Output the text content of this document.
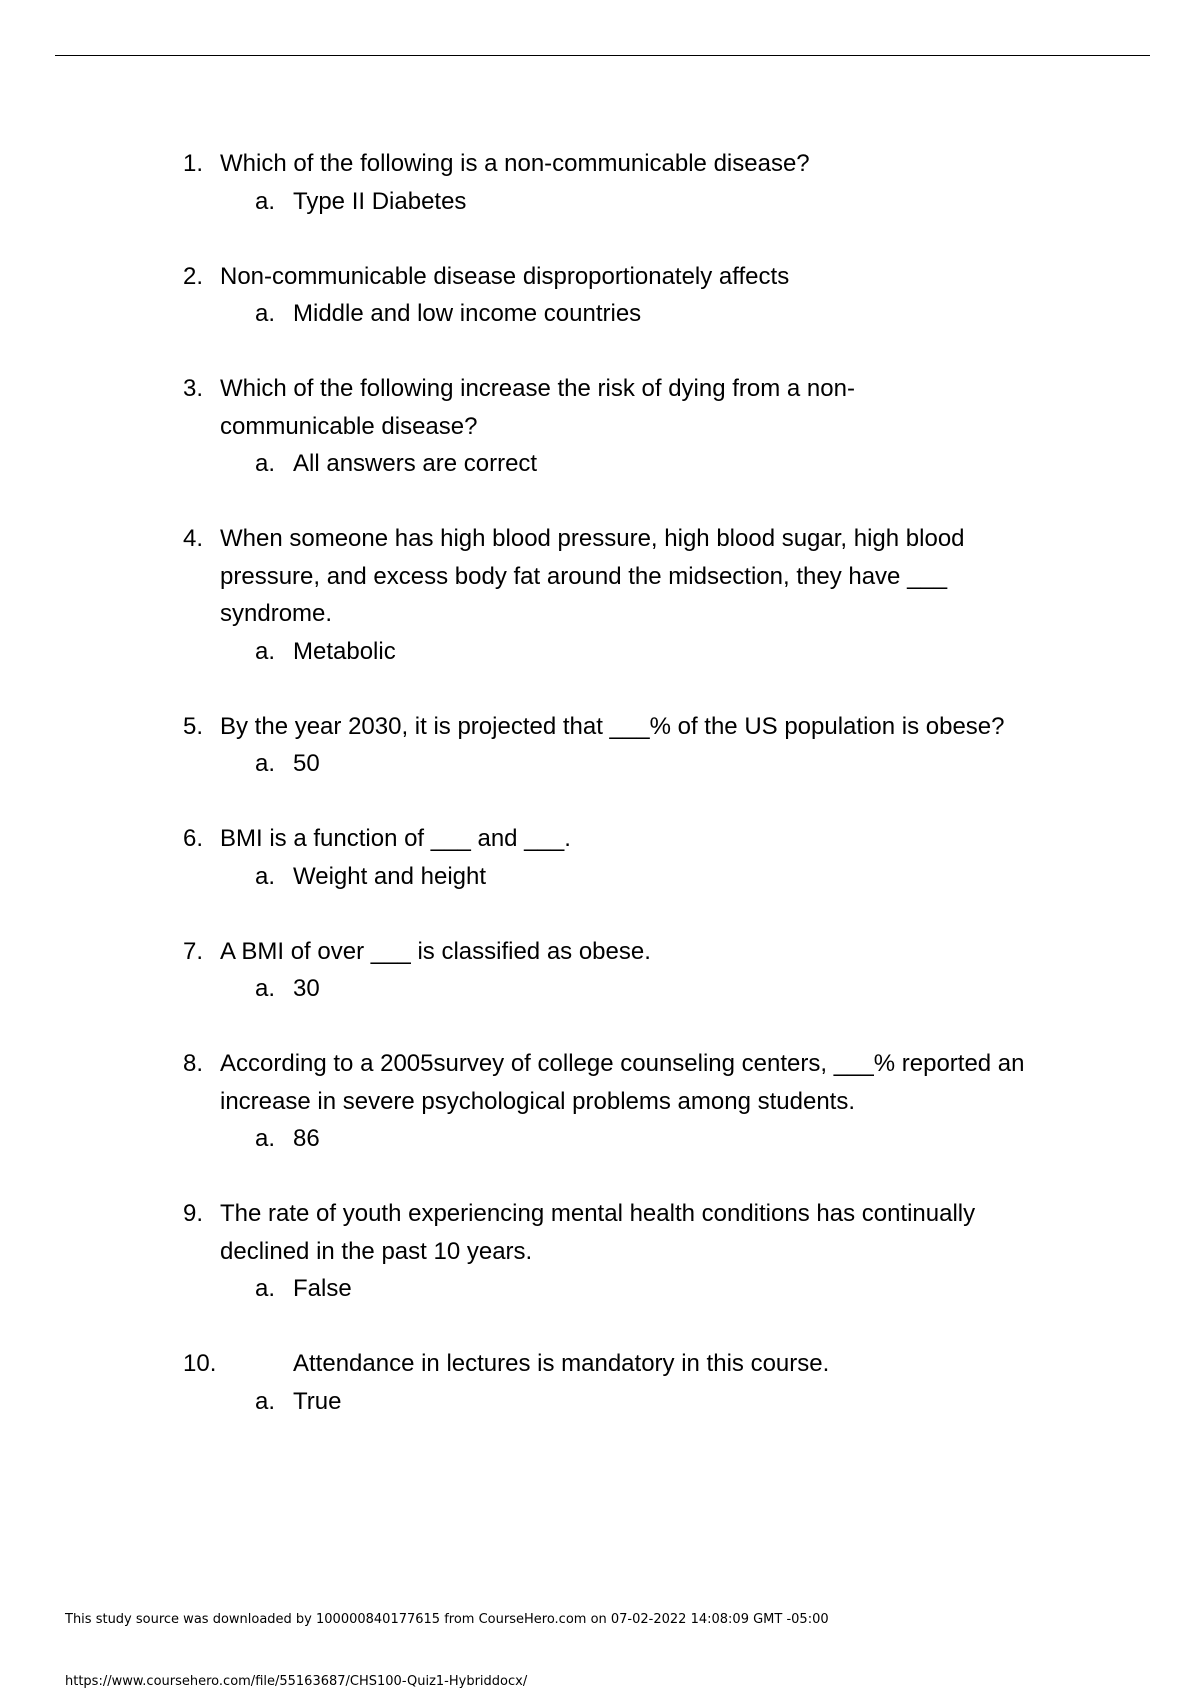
1. Which of the following is a non-communicable disease?
a. Type II Diabetes
2. Non-communicable disease disproportionately affects
a. Middle and low income countries
3. Which of the following increase the risk of dying from a non-communicable disease?
a. All answers are correct
4. When someone has high blood pressure, high blood sugar, high blood pressure, and excess body fat around the midsection, they have ___ syndrome.
a. Metabolic
5. By the year 2030, it is projected that ___% of the US population is obese?
a. 50
6. BMI is a function of ___ and ___.
a. Weight and height
7. A BMI of over ___ is classified as obese.
a. 30
8. According to a 2005survey of college counseling centers, ___% reported an increase in severe psychological problems among students.
a. 86
9. The rate of youth experiencing mental health conditions has continually declined in the past 10 years.
a. False
10.	Attendance in lectures is mandatory in this course.
a. True
This study source was downloaded by 100000840177615 from CourseHero.com on 07-02-2022 14:08:09 GMT -05:00
https://www.coursehero.com/file/55163687/CHS100-Quiz1-Hybriddocx/
